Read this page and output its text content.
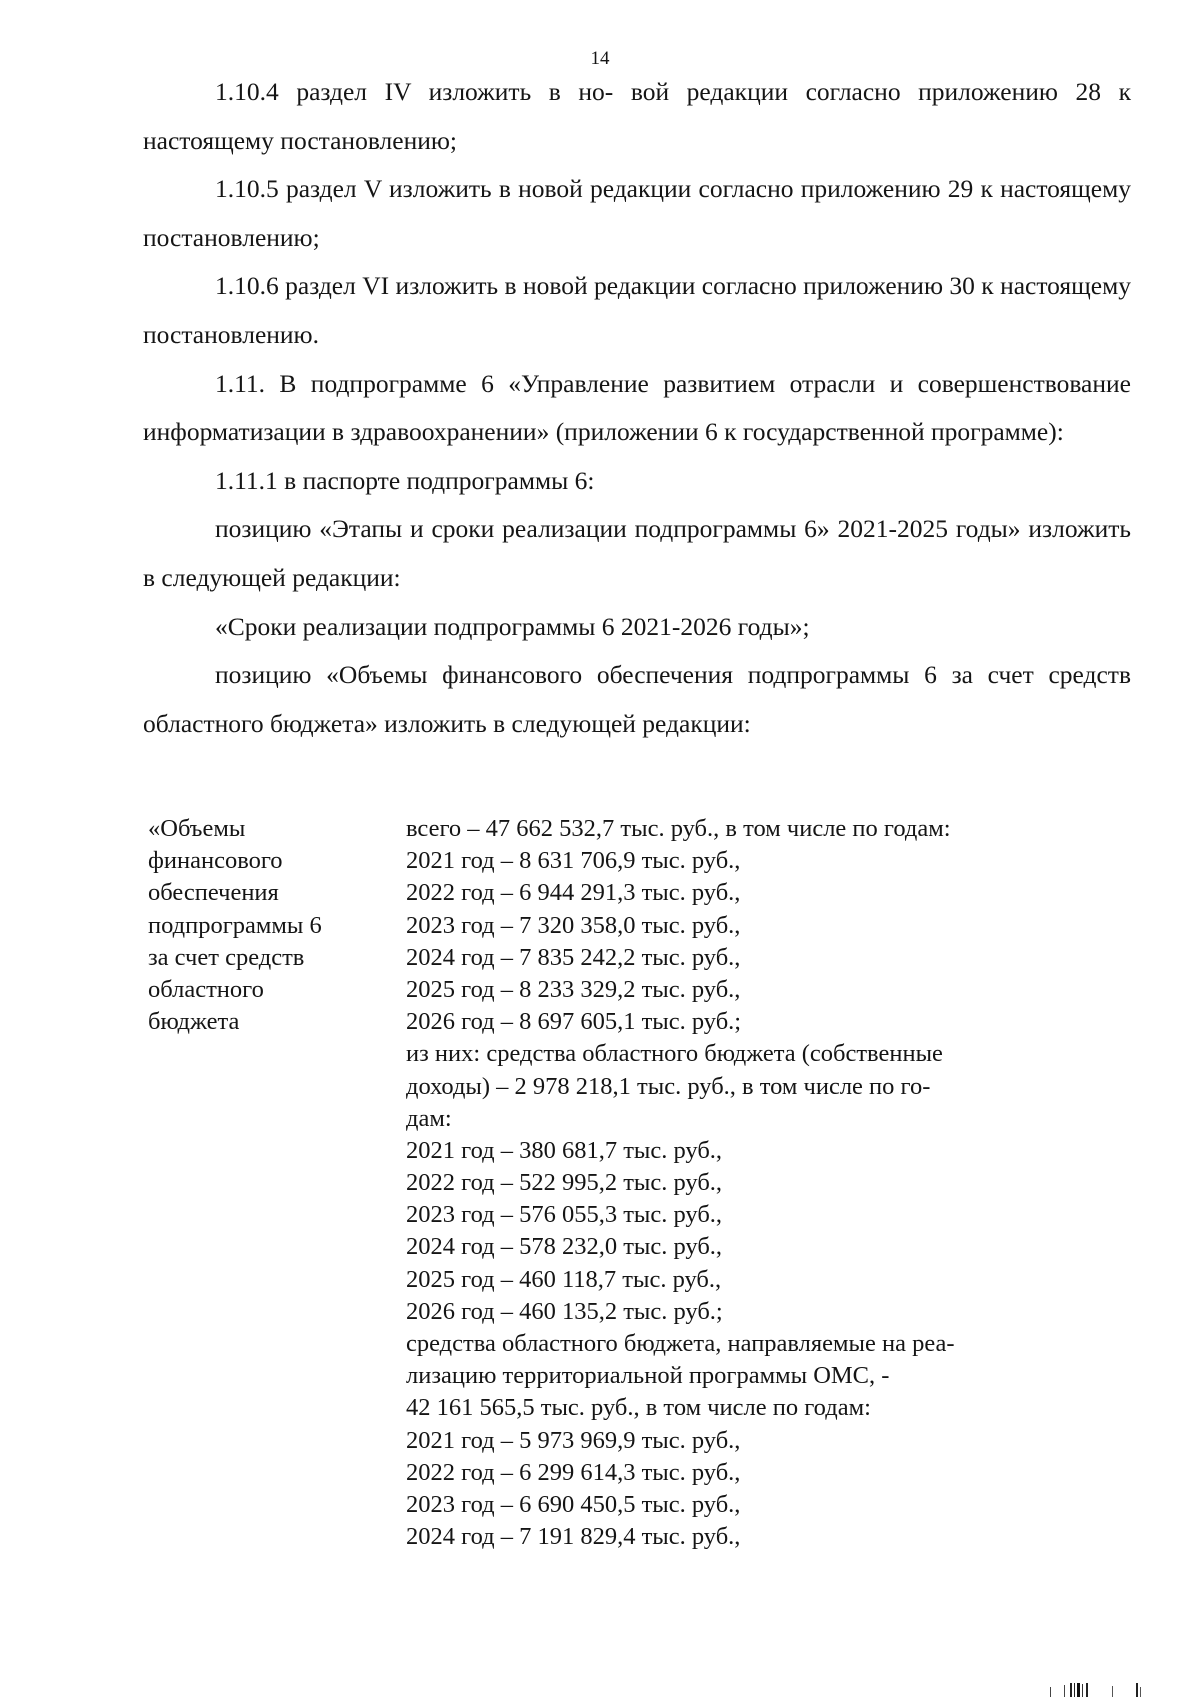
14

1.10.4 раздел IV изложить в но- вой редакции согласно приложению 28 к настоящему постановлению;

1.10.5 раздел V изложить в новой редакции согласно приложению 29 к настоящему постановлению;

1.10.6 раздел VI изложить в новой редакции согласно приложению 30 к настоящему постановлению.

1.11. В подпрограмме 6 «Управление развитием отрасли и совершенствование информатизации в здравоохранении» (приложении 6 к государственной программе):

1.11.1 в паспорте подпрограммы 6:

позицию «Этапы и сроки реализации подпрограммы 6» 2021-2025 годы» изложить в следующей редакции:

«Сроки реализации подпрограммы 6 2021-2026 годы»;

позицию «Объемы финансового обеспечения подпрограммы 6 за счет средств областного бюджета» изложить в следующей редакции:

«Объемы
финансового
обеспечения
подпрограммы 6
за счет средств
областного
бюджета
всего – 47 662 532,7 тыс. руб., в том числе по годам:
2021 год – 8 631 706,9 тыс. руб.,
2022 год – 6 944 291,3 тыс. руб.,
2023 год – 7 320 358,0 тыс. руб.,
2024 год – 7 835 242,2 тыс. руб.,
2025 год – 8 233 329,2 тыс. руб.,
2026 год – 8 697 605,1 тыс. руб.;
из них: средства областного бюджета (собственные
доходы) – 2 978 218,1 тыс. руб., в том числе по го-
дам:
2021 год – 380 681,7 тыс. руб.,
2022 год – 522 995,2 тыс. руб.,
2023 год – 576 055,3 тыс. руб.,
2024 год – 578 232,0 тыс. руб.,
2025 год – 460 118,7 тыс. руб.,
2026 год – 460 135,2 тыс. руб.;
средства областного бюджета, направляемые на реа-
лизацию территориальной программы ОМС, -
42 161 565,5 тыс. руб., в том числе по годам:
2021 год – 5 973 969,9 тыс. руб.,
2022 год – 6 299 614,3 тыс. руб.,
2023 год – 6 690 450,5 тыс. руб.,
2024 год – 7 191 829,4 тыс. руб.,
